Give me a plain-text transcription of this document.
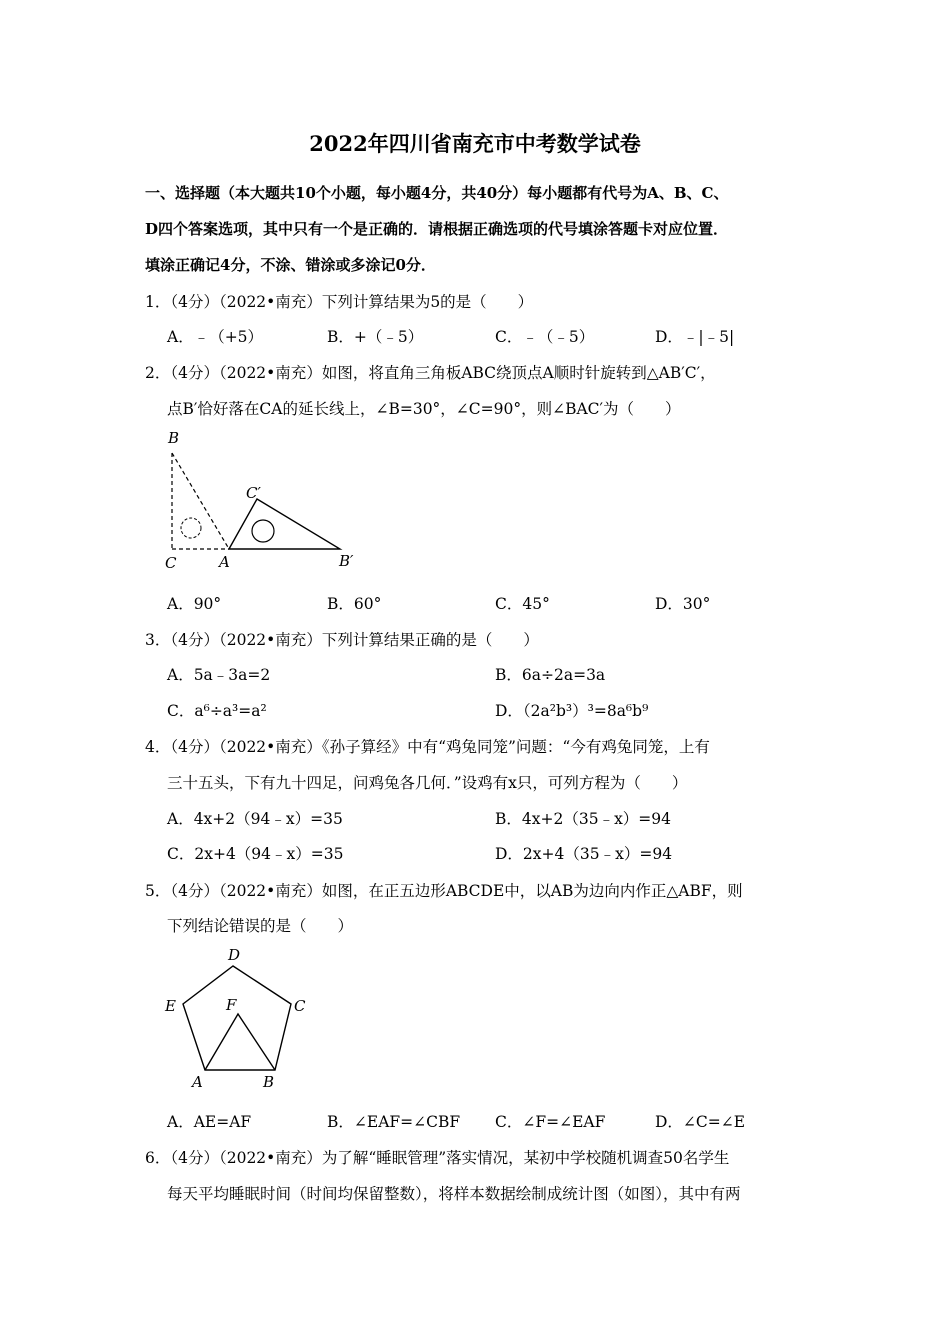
2022年四川省南充市中考数学试卷
一、选择题（本大题共10个小题，每小题4分，共40分）每小题都有代号为A、B、C、
D四个答案选项，其中只有一个是正确的．请根据正确选项的代号填涂答题卡对应位置．
填涂正确记4分，不涂、错涂或多涂记0分．
1．（4分）（2022•南充）下列计算结果为5的是（　　）
A．﹣（+5）	B．+（﹣5）	C．﹣（﹣5）	D．﹣|﹣5|
2．（4分）（2022•南充）如图，将直角三角板ABC绕顶点A顺时针旋转到△AB′C′，
点B′恰好落在CA的延长线上，∠B=30°，∠C=90°，则∠BAC′为（　　）
B
C	A
C′
B′
A．90°	B．60°	C．45°	D．30°
3．（4分）（2022•南充）下列计算结果正确的是（　　）
A．5a﹣3a=2	B．6a÷2a=3a
C．a⁶÷a³=a²	D．（2a²b³）³=8a⁶b⁹
4．（4分）（2022•南充）《孙子算经》中有“鸡兔同笼”问题：“今有鸡兔同笼，上有
三十五头，下有九十四足，问鸡兔各几何．”设鸡有x只，可列方程为（　　）
A．4x+2（94﹣x）=35	B．4x+2（35﹣x）=94
C．2x+4（94﹣x）=35	D．2x+4（35﹣x）=94
5．（4分）（2022•南充）如图，在正五边形ABCDE中，以AB为边向内作正△ABF，则
下列结论错误的是（　　）
D
E	C
F
A	B
A．AE=AF	B．∠EAF=∠CBF C．∠F=∠EAF	D．∠C=∠E
6．（4分）（2022•南充）为了解“睡眠管理”落实情况，某初中学校随机调查50名学生
每天平均睡眠时间（时间均保留整数），将样本数据绘制成统计图（如图），其中有两
